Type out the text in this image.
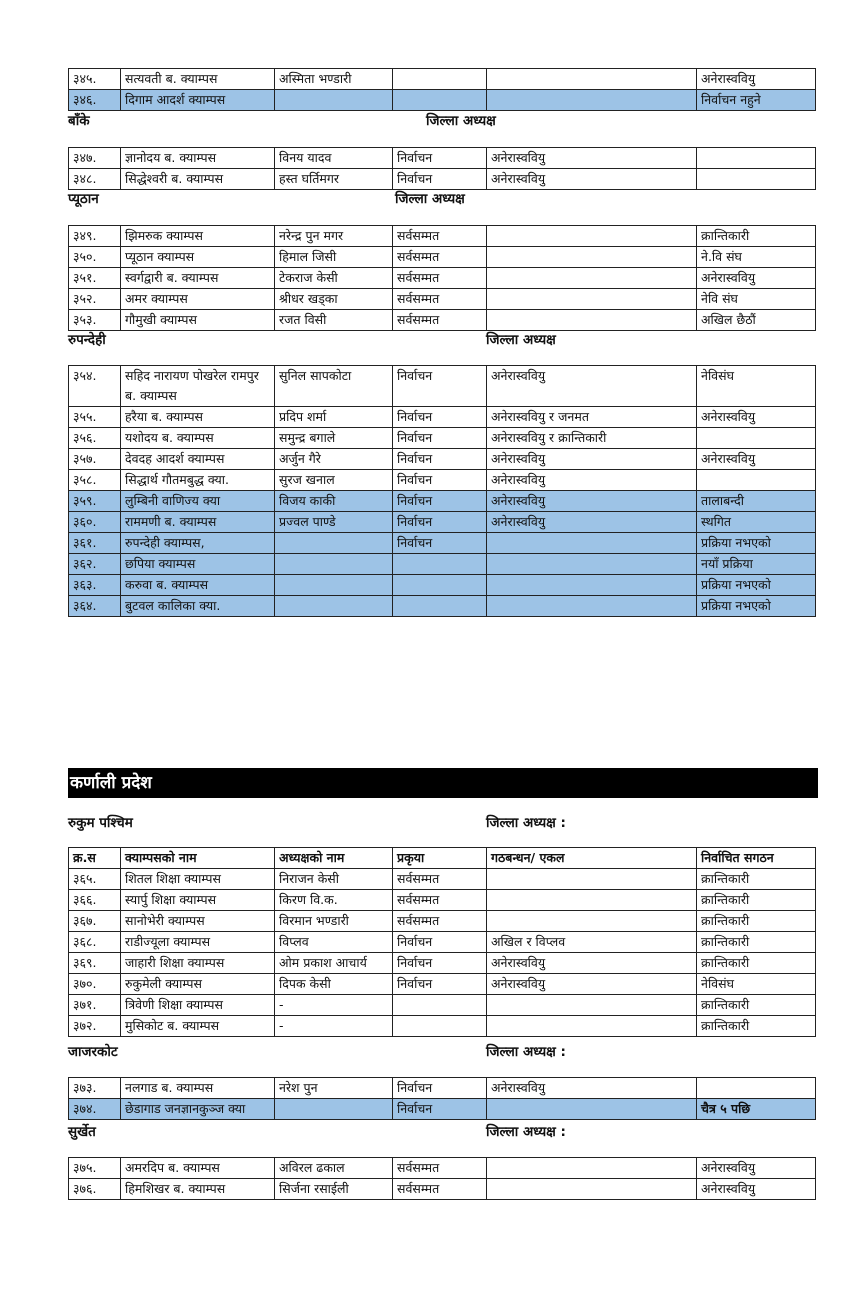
३४५.	सत्यवती ब. क्याम्पस	अस्मिता भण्डारी			अनेरास्ववियु
३४६.	दिगाम आदर्श क्याम्पस				निर्वाचन नहुने
बाँके	जिल्ला अध्यक्ष
३४७.	ज्ञानोदय ब. क्याम्पस	विनय यादव	निर्वाचन	अनेरास्ववियु	
३४८.	सिद्धेश्वरी ब. क्याम्पस	हस्त घर्तिमगर	निर्वाचन	अनेरास्ववियु	
प्यूठान	जिल्ला अध्यक्ष
३४९.	झिमरुक क्याम्पस	नरेन्द्र पुन मगर	सर्वसम्मत		क्रान्तिकारी
३५०.	प्यूठान क्याम्पस	हिमाल जिसी	सर्वसम्मत		ने.वि संघ
३५१.	स्वर्गद्वारी ब. क्याम्पस	टेकराज केसी	सर्वसम्मत		अनेरास्ववियु
३५२.	अमर क्याम्पस	श्रीधर खड्का	सर्वसम्मत		नेवि संघ
३५३.	गौमुखी क्याम्पस	रजत विसी	सर्वसम्मत		अखिल छैठौं
रुपन्देही	जिल्ला अध्यक्ष
३५४.	सहिद नारायण पोखरेल रामपुर ब. क्याम्पस	सुनिल सापकोटा	निर्वाचन	अनेरास्ववियु	नेविसंघ
३५५.	हरैया ब. क्याम्पस	प्रदिप शर्मा	निर्वाचन	अनेरास्ववियु र जनमत	अनेरास्ववियु
३५६.	यशोदय ब. क्याम्पस	समुन्द्र बगाले	निर्वाचन	अनेरास्ववियु र क्रान्तिकारी	
३५७.	देवदह आदर्श क्याम्पस	अर्जुन गैरे	निर्वाचन	अनेरास्ववियु	अनेरास्ववियु
३५८.	सिद्धार्थ गौतमबुद्ध क्या.	सुरज खनाल	निर्वाचन	अनेरास्ववियु	
३५९.	लुम्बिनी वाणिज्य क्या	विजय काकी	निर्वाचन	अनेरास्ववियु	तालाबन्दी
३६०.	राममणी ब. क्याम्पस	प्रज्वल पाण्डे	निर्वाचन	अनेरास्ववियु	स्थगित
३६१.	रुपन्देही क्याम्पस,		निर्वाचन		प्रक्रिया नभएको
३६२.	छपिया क्याम्पस				नयाँ प्रक्रिया
३६३.	करुवा ब. क्याम्पस				प्रक्रिया नभएको
३६४.	बुटवल कालिका क्या.				प्रक्रिया नभएको
कर्णाली प्रदेश
रुकुम पश्चिम	जिल्ला अध्यक्ष :
क्र.स	क्याम्पसको नाम	अध्यक्षको नाम	प्रकृया	गठबन्धन/ एकल	निर्वाचित सगठन
३६५.	शितल शिक्षा क्याम्पस	निराजन केसी	सर्वसम्मत		क्रान्तिकारी
३६६.	स्यार्पु शिक्षा क्याम्पस	किरण वि.क.	सर्वसम्मत		क्रान्तिकारी
३६७.	सानोभेरी क्याम्पस	विरमान भण्डारी	सर्वसम्मत		क्रान्तिकारी
३६८.	राडीज्यूला क्याम्पस	विप्लव	निर्वाचन	अखिल र विप्लव	क्रान्तिकारी
३६९.	जाहारी शिक्षा क्याम्पस	ओम प्रकाश आचार्य	निर्वाचन	अनेरास्ववियु	क्रान्तिकारी
३७०.	रुकुमेली क्याम्पस	दिपक केसी	निर्वाचन	अनेरास्ववियु	नेविसंघ
३७१.	त्रिवेणी शिक्षा क्याम्पस	-			क्रान्तिकारी
३७२.	मुसिकोट ब. क्याम्पस	-			क्रान्तिकारी
जाजरकोट	जिल्ला अध्यक्ष :
३७३.	नलगाड ब. क्याम्पस	नरेश पुन	निर्वाचन	अनेरास्ववियु	
३७४.	छेडागाड जनज्ञानकुञ्ज क्या		निर्वाचन		चैत्र ५ पछि
सुर्खेत	जिल्ला अध्यक्ष :
३७५.	अमरदिप ब. क्याम्पस	अविरल ढकाल	सर्वसम्मत		अनेरास्ववियु
३७६.	हिमशिखर ब. क्याम्पस	सिर्जना रसाईली	सर्वसम्मत		अनेरास्ववियु
